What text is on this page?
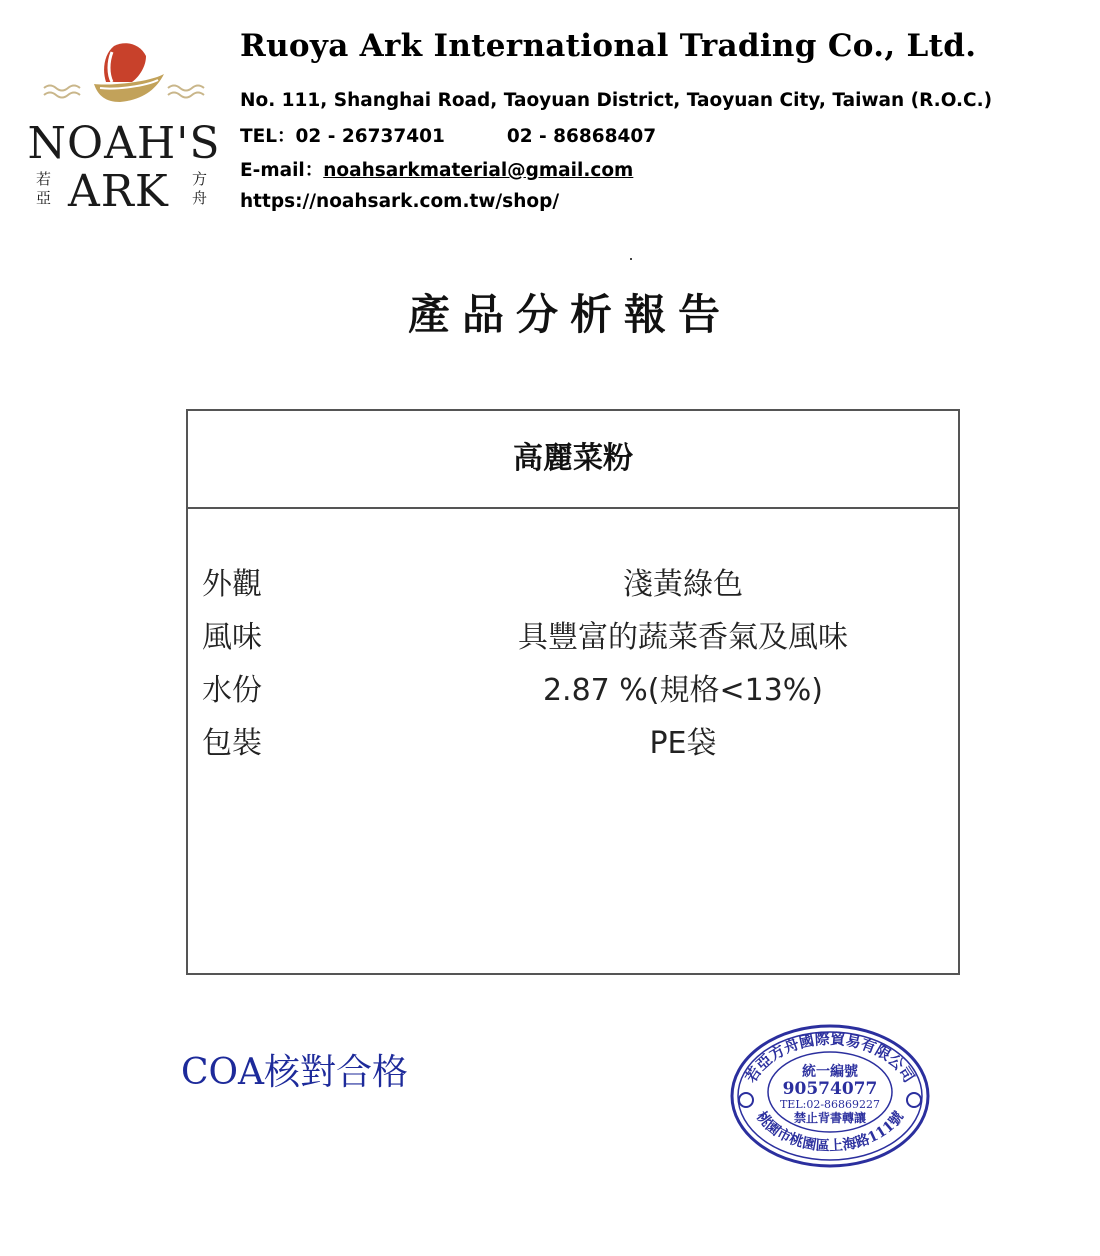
NOAH'S
若亞 ARK 方舟
Ruoya Ark International Trading Co., Ltd.
No. 111, Shanghai Road, Taoyuan District, Taoyuan City, Taiwan (R.O.C.)
TEL：02 - 26737401	02 - 86868407
E-mail：noahsarkmaterial@gmail.com
https://noahsark.com.tw/shop/
產品分析報告
高麗菜粉
外觀	淺黃綠色
風味	具豐富的蔬菜香氣及風味
水份	2.87 %(規格<13%)
包裝	PE袋
COA核對合格	若亞方舟國際貿易有限公司
桃園市桃園區上海路111號
統一編號
90574077
TEL:02-86869227
禁止背書轉讓
